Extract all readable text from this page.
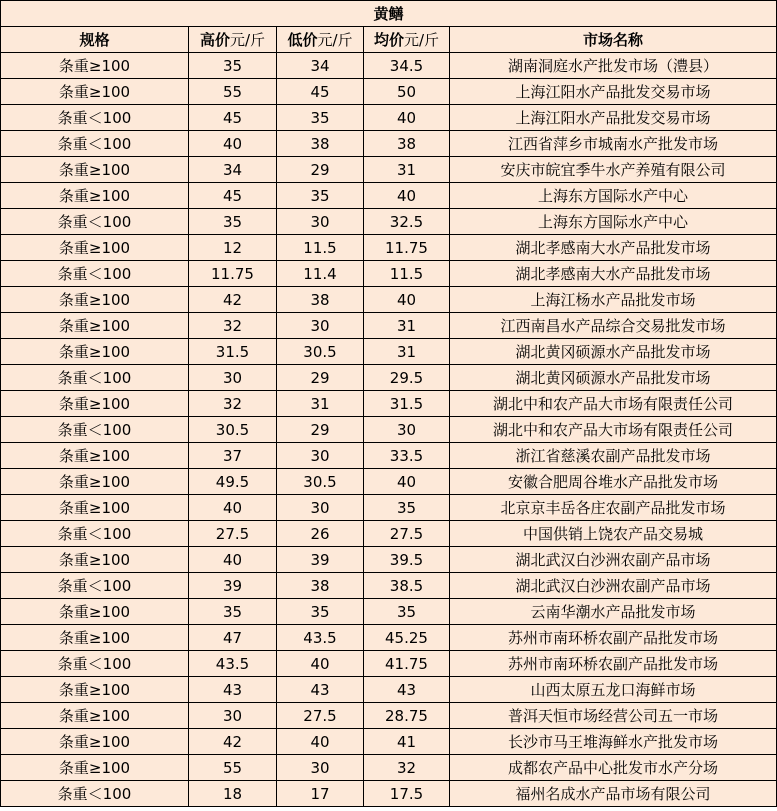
黄鳝				
规格	高价元/斤	低价元/斤	均价元/斤	市场名称
条重≥100	35	34	34.5	湖南洞庭水产批发市场（澧县）
条重≥100	55	45	50	上海江阳水产品批发交易市场
条重＜100	45	35	40	上海江阳水产品批发交易市场
条重＜100	40	38	38	江西省萍乡市城南水产批发市场
条重≥100	34	29	31	安庆市皖宜季牛水产养殖有限公司
条重≥100	45	35	40	上海东方国际水产中心
条重＜100	35	30	32.5	上海东方国际水产中心
条重≥100	12	11.5	11.75	湖北孝感南大水产品批发市场
条重＜100	11.75	11.4	11.5	湖北孝感南大水产品批发市场
条重≥100	42	38	40	上海江杨水产品批发市场
条重≥100	32	30	31	江西南昌水产品综合交易批发市场
条重≥100	31.5	30.5	31	湖北黄冈硕源水产品批发市场
条重＜100	30	29	29.5	湖北黄冈硕源水产品批发市场
条重≥100	32	31	31.5	湖北中和农产品大市场有限责任公司
条重＜100	30.5	29	30	湖北中和农产品大市场有限责任公司
条重≥100	37	30	33.5	浙江省慈溪农副产品批发市场
条重≥100	49.5	30.5	40	安徽合肥周谷堆水产品批发市场
条重≥100	40	30	35	北京京丰岳各庄农副产品批发市场
条重＜100	27.5	26	27.5	中国供销上饶农产品交易城
条重≥100	40	39	39.5	湖北武汉白沙洲农副产品市场
条重＜100	39	38	38.5	湖北武汉白沙洲农副产品市场
条重≥100	35	35	35	云南华潮水产品批发市场
条重≥100	47	43.5	45.25	苏州市南环桥农副产品批发市场
条重＜100	43.5	40	41.75	苏州市南环桥农副产品批发市场
条重≥100	43	43	43	山西太原五龙口海鲜市场
条重≥100	30	27.5	28.75	普洱天恒市场经营公司五一市场
条重≥100	42	40	41	长沙市马王堆海鲜水产批发市场
条重≥100	55	30	32	成都农产品中心批发市水产分场
条重＜100	18	17	17.5	福州名成水产品市场有限公司
